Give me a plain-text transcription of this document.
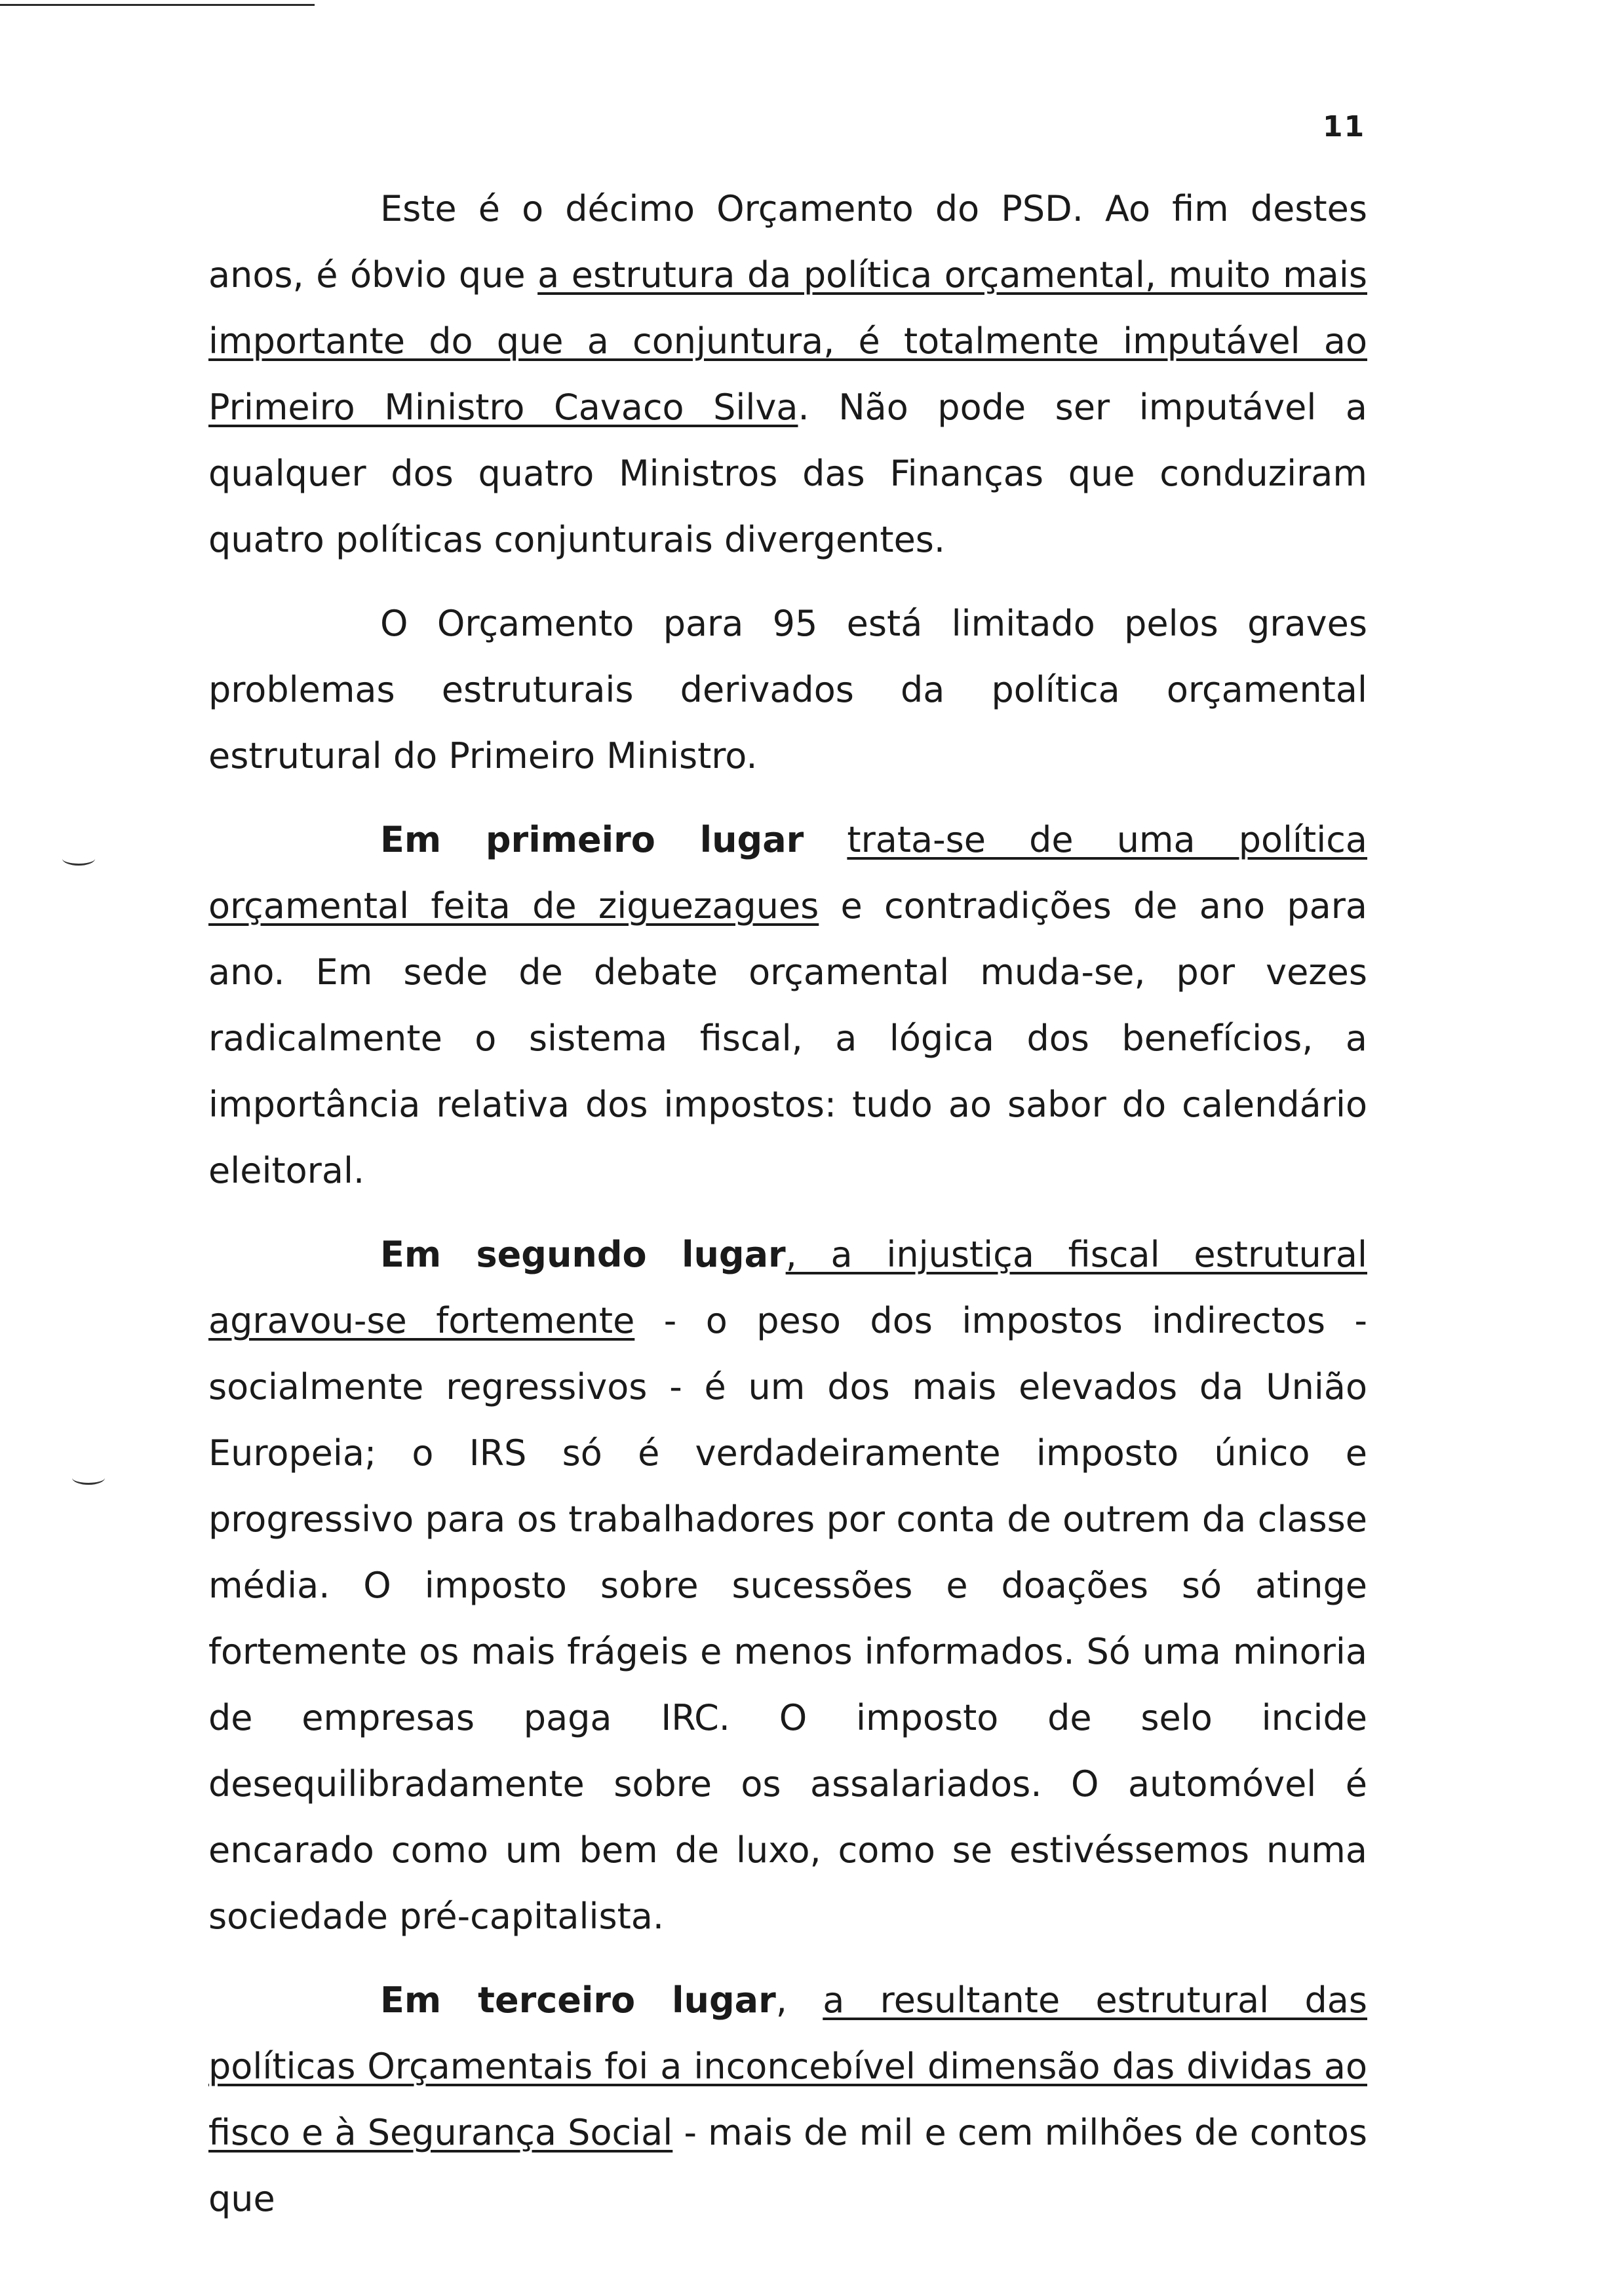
11

Este é o décimo Orçamento do PSD. Ao fim destes anos, é óbvio que a estrutura da política orçamental, muito mais importante do que a conjuntura, é totalmente imputável ao Primeiro Ministro Cavaco Silva. Não pode ser imputável a qualquer dos quatro Ministros das Finanças que conduziram quatro políticas conjunturais divergentes.

O Orçamento para 95 está limitado pelos graves problemas estruturais derivados da política orçamental estrutural do Primeiro Ministro.

Em primeiro lugar trata-se de uma política orçamental feita de ziguezagues e contradições de ano para ano. Em sede de debate orçamental muda-se, por vezes radicalmente o sistema fiscal, a lógica dos benefícios, a importância relativa dos impostos: tudo ao sabor do calendário eleitoral.

Em segundo lugar, a injustiça fiscal estrutural agravou-se fortemente - o peso dos impostos indirectos - socialmente regressivos - é um dos mais elevados da União Europeia; o IRS só é verdadeiramente imposto único e progressivo para os trabalhadores por conta de outrem da classe média. O imposto sobre sucessões e doações só atinge fortemente os mais frágeis e menos informados. Só uma minoria de empresas paga IRC. O imposto de selo incide desequilibradamente sobre os assalariados. O automóvel é encarado como um bem de luxo, como se estivéssemos numa sociedade pré-capitalista.

Em terceiro lugar, a resultante estrutural das políticas Orçamentais foi a inconcebível dimensão das dividas ao fisco e à Segurança Social - mais de mil e cem milhões de contos que
